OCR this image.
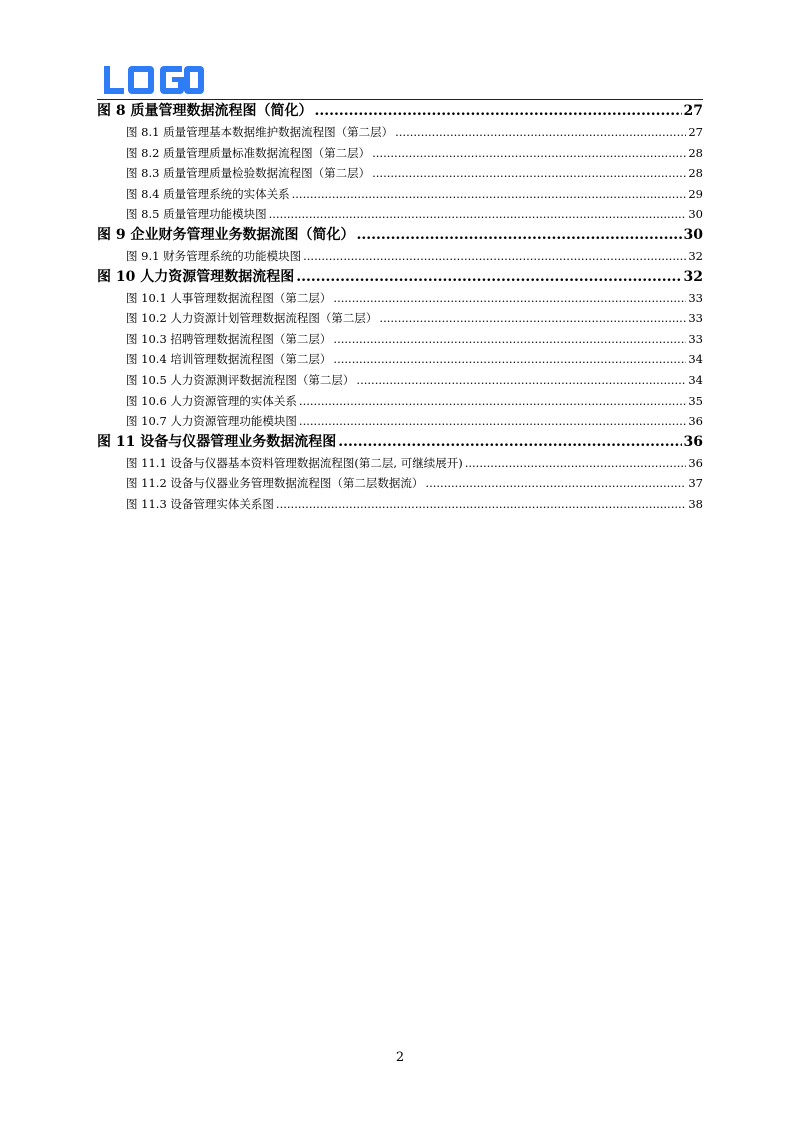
图 8 质量管理数据流程图（简化） .....	27
图 8.1 质量管理基本数据维护数据流程图（第二层） .....	27
图 8.2 质量管理质量标准数据流程图（第二层） .....	28
图 8.3 质量管理质量检验数据流程图（第二层） .....	28
图 8.4 质量管理系统的实体关系 .....	29
图 8.5 质量管理功能模块图 .....	30
图 9 企业财务管理业务数据流图（简化） .....	30
图 9.1 财务管理系统的功能模块图 .....	32
图 10 人力资源管理数据流程图 .....	32
图 10.1 人事管理数据流程图（第二层） .....	33
图 10.2 人力资源计划管理数据流程图（第二层） .....	33
图 10.3 招聘管理数据流程图（第二层） .....	33
图 10.4 培训管理数据流程图（第二层） .....	34
图 10.5 人力资源测评数据流程图（第二层） .....	34
图 10.6 人力资源管理的实体关系 .....	35
图 10.7 人力资源管理功能模块图 .....	36
图 11 设备与仪器管理业务数据流程图 .....	36
图 11.1 设备与仪器基本资料管理数据流程图(第二层, 可继续展开) .....	36
图 11.2 设备与仪器业务管理数据流程图（第二层数据流） .....	37
图 11.3 设备管理实体关系图 .....	38
2
